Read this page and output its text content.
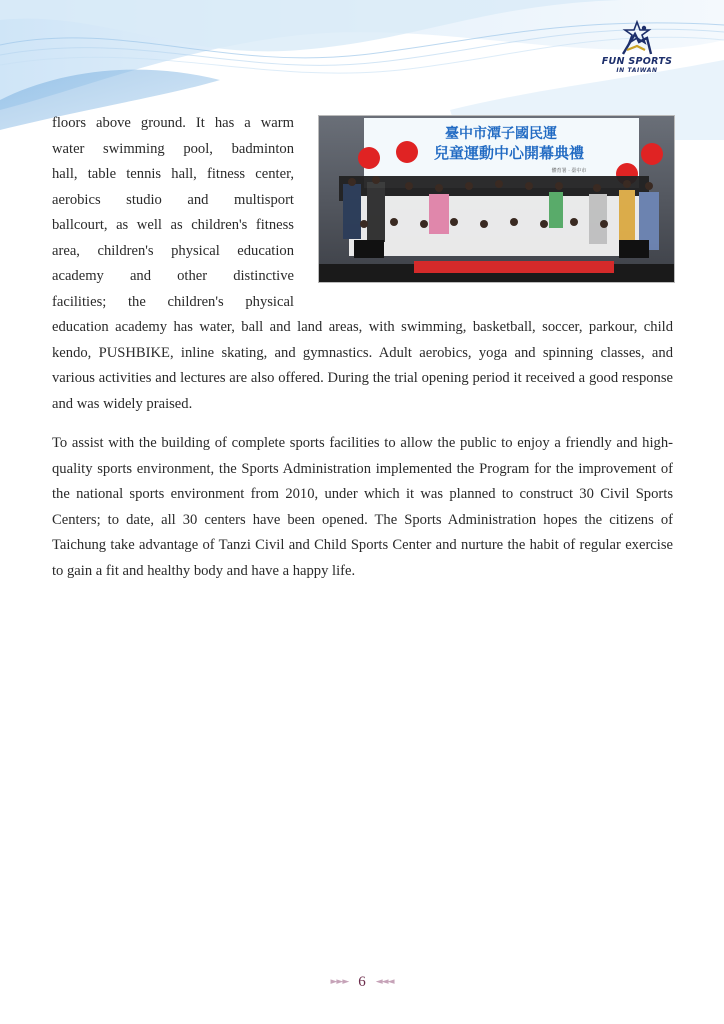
FUN SPORTS
IN TAIWAN
臺中市潭子國民運
兒童運動中心開幕典禮
體育署 · 臺中市
floors above ground. It has a warm
water swimming pool, badminton
hall, table tennis hall, fitness center,
aerobics studio and multisport
ballcourt, as well as children's fitness
area, children's physical education
academy and other distinctive
facilities; the children's physical
education academy has water, ball and land areas, with swimming, basketball, soccer, parkour, child kendo, PUSHBIKE, inline skating, and gymnastics. Adult aerobics, yoga and spinning classes, and various activities and lectures are also offered. During the trial opening period it received a good response and was widely praised.
To assist with the building of complete sports facilities to allow the public to enjoy a friendly and high-quality sports environment, the Sports Administration implemented the Program for the improvement of the national sports environment from 2010, under which it was planned to construct 30 Civil Sports Centers; to date, all 30 centers have been opened. The Sports Administration hopes the citizens of Taichung take advantage of Tanzi Civil and Child Sports Center and nurture the habit of regular exercise to gain a fit and healthy body and have a happy life.
►►► 6 ◄◄◄
